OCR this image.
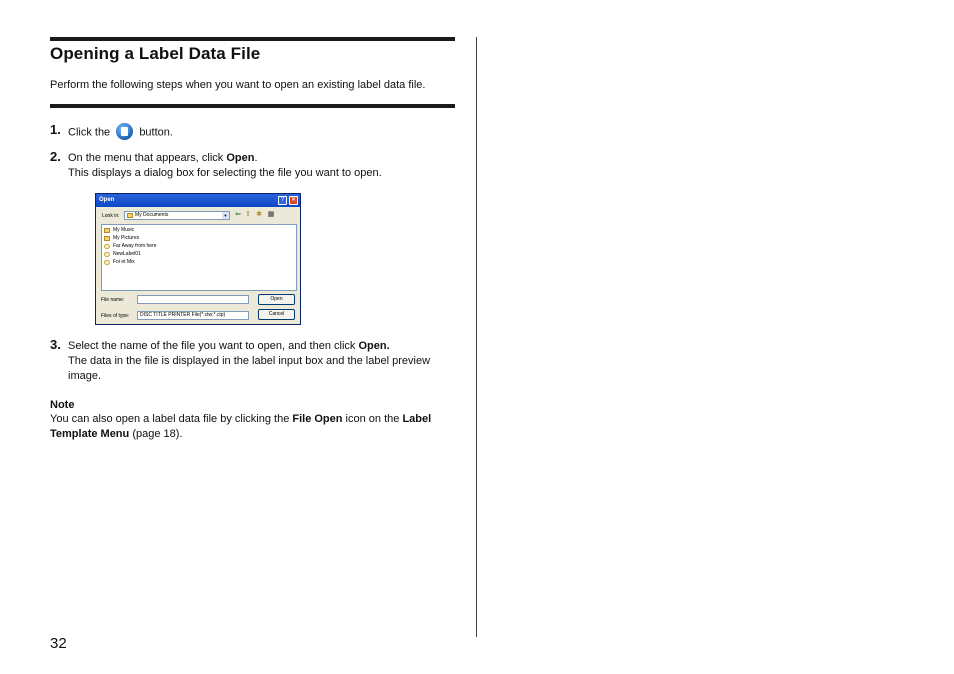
Opening a Label Data File
Perform the following steps when you want to open an existing label data file.
1. Click the	button.
2. On the menu that appears, click Open.
This displays a dialog box for selecting the file you want to open.
Open	?	✕
Look in:	My Documents	▼ ⇐ ⇧ ✱ ▦
My Music
My Pictures
Far Away from here
NewLabel01
Foi et Mix
File name:	Open
Files of type:	DISC TITLE PRINTER File(*.ctw;*.ctp)	Cancel
3. Select the name of the file you want to open, and then click Open.
The data in the file is displayed in the label input box and the label preview
image.
Note
You can also open a label data file by clicking the File Open icon on the Label
Template Menu (page 18).
32
